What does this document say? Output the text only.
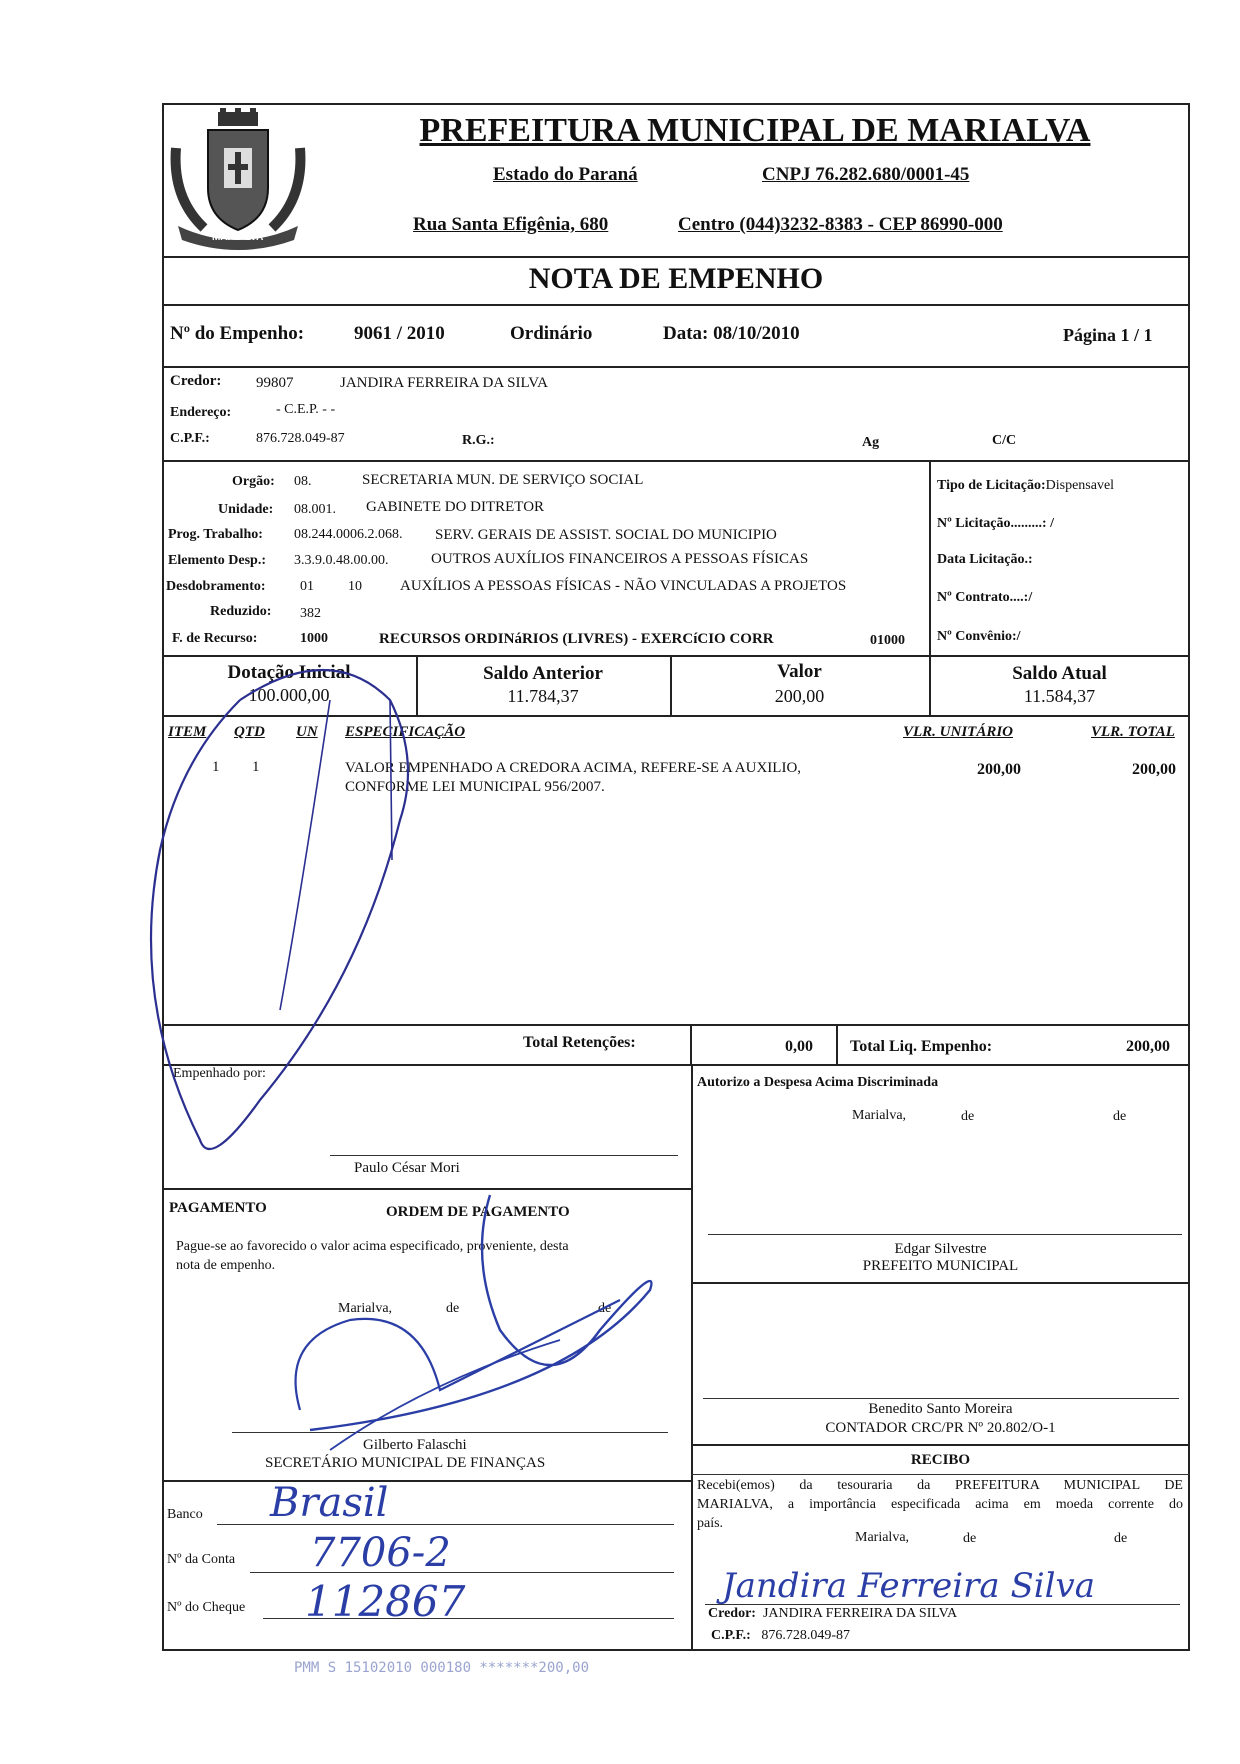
MARIALVA
PREFEITURA MUNICIPAL DE MARIALVA
Estado do Paraná	CNPJ 76.282.680/0001-45
Rua Santa Efigênia, 680	Centro (044)3232-8383 - CEP 86990-000
NOTA DE EMPENHO
Nº do Empenho:	9061 / 2010	Ordinário	Data: 08/10/2010	Página 1 / 1
Credor: 99807	JANDIRA FERREIRA DA SILVA
Endereço:	- C.E.P. - -
C.P.F.:	876.728.049-87	R.G.:	Ag	C/C
Orgão: 08.	SECRETARIA MUN. DE SERVIÇO SOCIAL
Unidade: 08.001. GABINETE DO DITRETOR
Prog. Trabalho: 08.244.0006.2.068. SERV. GERAIS DE ASSIST. SOCIAL DO MUNICIPIO
Elemento Desp.: 3.3.9.0.48.00.00.	OUTROS AUXÍLIOS FINANCEIROS A PESSOAS FÍSICAS
Desdobramento: 01 10	AUXÍLIOS A PESSOAS FÍSICAS - NÃO VINCULADAS A PROJETOS
Reduzido: 382
F. de Recurso:	1000	RECURSOS ORDINáRIOS (LIVRES) - EXERCíCIO CORR	01000
Tipo de Licitação:Dispensavel
Nº Licitação.........: /
Data Licitação.:
Nº Contrato....:/
Nº Convênio:/
Dotação Inicial
100.000,00
Saldo Anterior
11.784,37
Valor
200,00
Saldo Atual
11.584,37
ITEM QTD UN ESPECIFICAÇÃO	VLR. UNITÁRIO	VLR. TOTAL
1 1	VALOR EMPENHADO A CREDORA ACIMA, REFERE-SE A AUXILIO,
CONFORME LEI MUNICIPAL 956/2007.
200,00	200,00
Total Retenções:	0,00 Total Liq. Empenho:	200,00
Empenhado por:
Paulo César Mori
Autorizo a Despesa Acima Discriminada
Marialva,	de	de
Edgar Silvestre
PREFEITO MUNICIPAL
PAGAMENTO	ORDEM DE PAGAMENTO
Pague-se ao favorecido o valor acima especificado, proveniente, desta
nota de empenho.
Marialva,	de	de
Gilberto Falaschi
SECRETÁRIO MUNICIPAL DE FINANÇAS
Benedito Santo Moreira
CONTADOR CRC/PR Nº 20.802/O-1
RECIBO
Recebi(emos) da tesouraria da PREFEITURA MUNICIPAL DE
MARIALVA, a importância especificada acima em moeda corrente do
país.
Marialva,	de	de
Credor: JANDIRA FERREIRA DA SILVA
C.P.F.: 876.728.049-87
Banco Brasil
Nº da Conta 7706-2
Nº do Cheque 112867	Jandira Ferreira Silva
PMM S 15102010 000180 *******200,00
